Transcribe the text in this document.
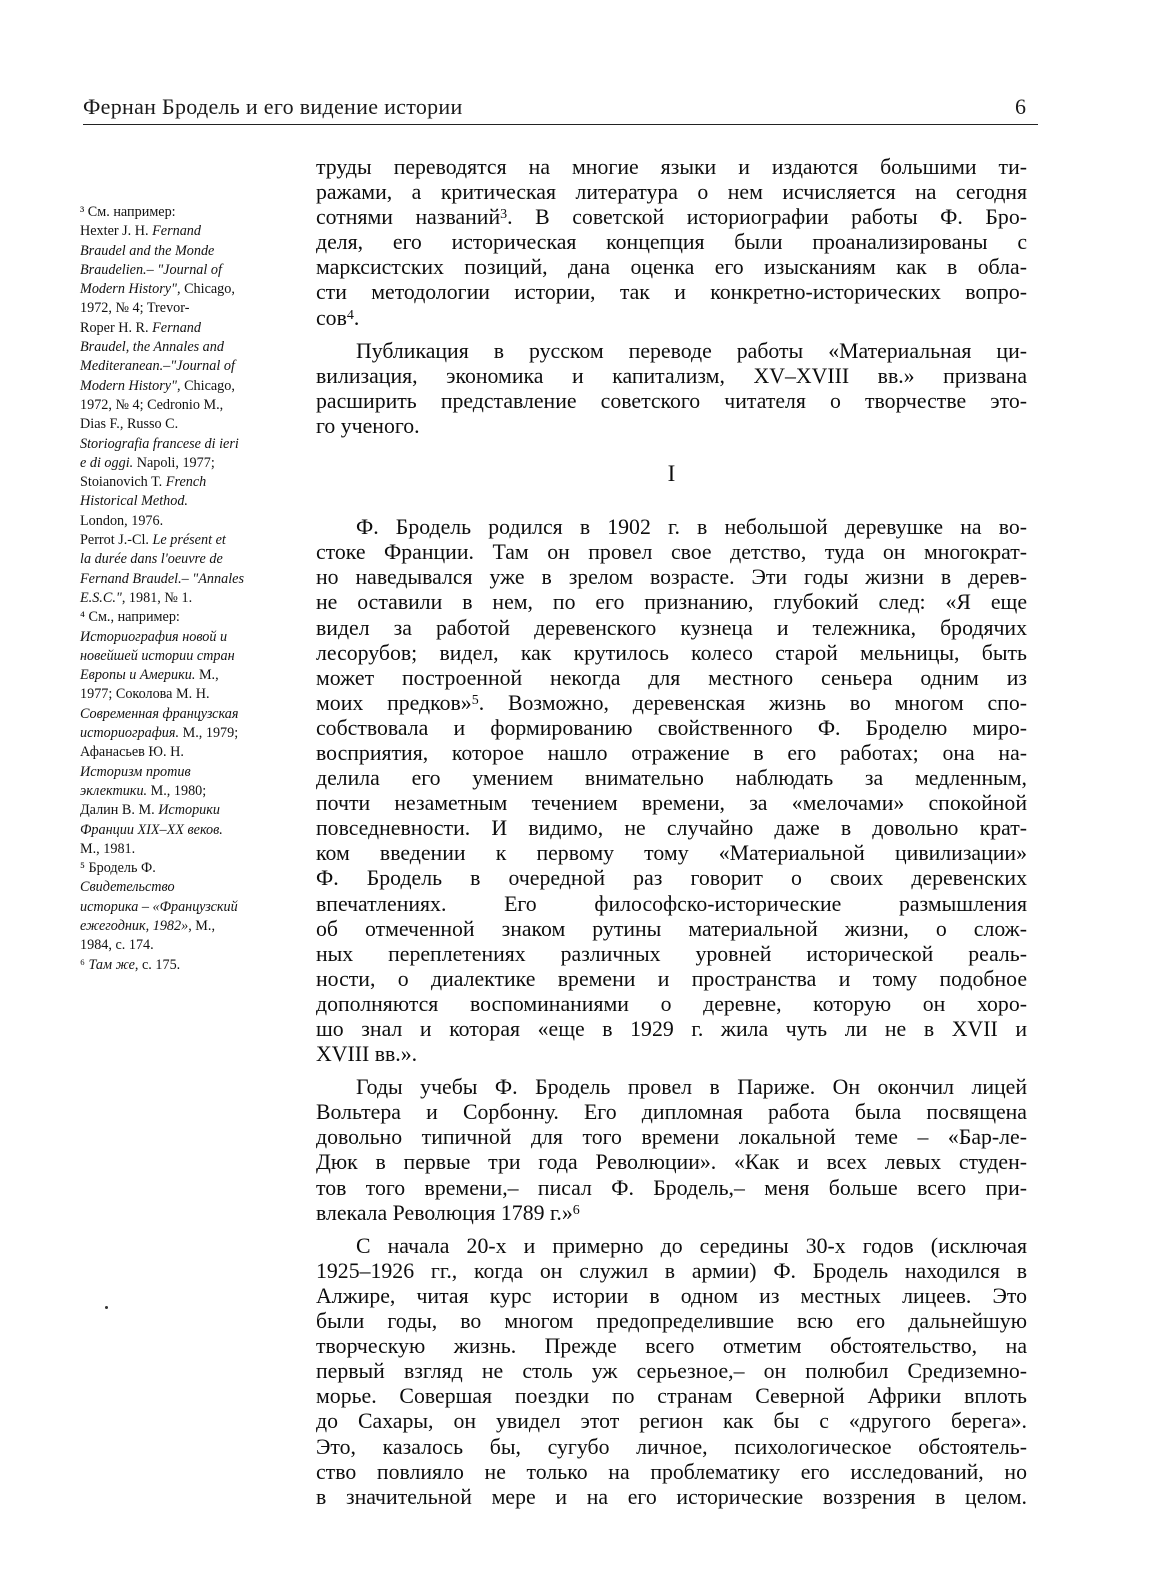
Фернан Бродель и его видение истории	6
³ См. например:
Hexter J. H. Fernand
Braudel and the Monde
Braudelien.– "Journal of
Modern History", Chicago,
1972, № 4; Trevor-
Roper H. R. Fernand
Braudel, the Annales and
Mediteranean.–"Journal of
Modern History", Chicago,
1972, № 4; Cedronio M.,
Dias F., Russo C.
Storiografia francese di ieri
e di oggi. Napoli, 1977;
Stoianovich T. French
Historical Method.
London, 1976.
Perrot J.-Cl. Le présent et
la durée dans l'oeuvre de
Fernand Braudel.– "Annales
E.S.C.", 1981, № 1.
⁴ См., например:
Историография новой и
новейшей истории стран
Европы и Америки. М.,
1977; Соколова М. Н.
Современная французская
историография. М., 1979;
Афанасьев Ю. Н.
Историзм против
эклектики. М., 1980;
Далин В. М. Историки
Франции XIX–XX веков.
М., 1981.
⁵ Бродель Ф.
Свидетельство
историка – «Французский
ежегодник, 1982», М.,
1984, с. 174.
⁶ Там же, с. 175.
труды переводятся на многие языки и издаются большими ти-
ражами, а критическая литература о нем исчисляется на сегодня
сотнями названий$^3$. В советской историографии работы Ф. Бро-
деля, его историческая концепция были проанализированы с
марксистских позиций, дана оценка его изысканиям как в обла-
сти методологии истории, так и конкретно-исторических вопро-
сов$^4$.
Публикация в русском переводе работы «Материальная ци-
вилизация, экономика и капитализм, XV–XVIII вв.» призвана
расширить представление советского читателя о творчестве это-
го ученого.
I
Ф. Бродель родился в 1902 г. в небольшой деревушке на во-
стоке Франции. Там он провел свое детство, туда он многократ-
но наведывался уже в зрелом возрасте. Эти годы жизни в дерев-
не оставили в нем, по его признанию, глубокий след: «Я еще
видел за работой деревенского кузнеца и тележника, бродячих
лесорубов; видел, как крутилось колесо старой мельницы, быть
может построенной некогда для местного сеньера одним из
моих предков»$^5$. Возможно, деревенская жизнь во многом спо-
собствовала и формированию свойственного Ф. Броделю миро-
восприятия, которое нашло отражение в его работах; она на-
делила его умением внимательно наблюдать за медленным,
почти незаметным течением времени, за «мелочами» спокойной
повседневности. И видимо, не случайно даже в довольно крат-
ком введении к первому тому «Материальной цивилизации»
Ф. Бродель в очередной раз говорит о своих деревенских
впечатлениях. Его философско-исторические размышления
об отмеченной знаком рутины материальной жизни, о слож-
ных переплетениях различных уровней исторической реаль-
ности, о диалектике времени и пространства и тому подобное
дополняются воспоминаниями о деревне, которую он хоро-
шо знал и которая «еще в 1929 г. жила чуть ли не в XVII и
XVIII вв.».
Годы учебы Ф. Бродель провел в Париже. Он окончил лицей
Вольтера и Сорбонну. Его дипломная работа была посвящена
довольно типичной для того времени локальной теме – «Бар-ле-
Дюк в первые три года Революции». «Как и всех левых студен-
тов того времени,– писал Ф. Бродель,– меня больше всего при-
влекала Революция 1789 г.»$^6$
С начала 20-х и примерно до середины 30-х годов (исключая
1925–1926 гг., когда он служил в армии) Ф. Бродель находился в
Алжире, читая курс истории в одном из местных лицеев. Это
были годы, во многом предопределившие всю его дальнейшую
творческую жизнь. Прежде всего отметим обстоятельство, на
первый взгляд не столь уж серьезное,– он полюбил Средиземно-
морье. Совершая поездки по странам Северной Африки вплоть
до Сахары, он увидел этот регион как бы с «другого берега».
Это, казалось бы, сугубо личное, психологическое обстоятель-
ство повлияло не только на проблематику его исследований, но
в значительной мере и на его исторические воззрения в целом.
